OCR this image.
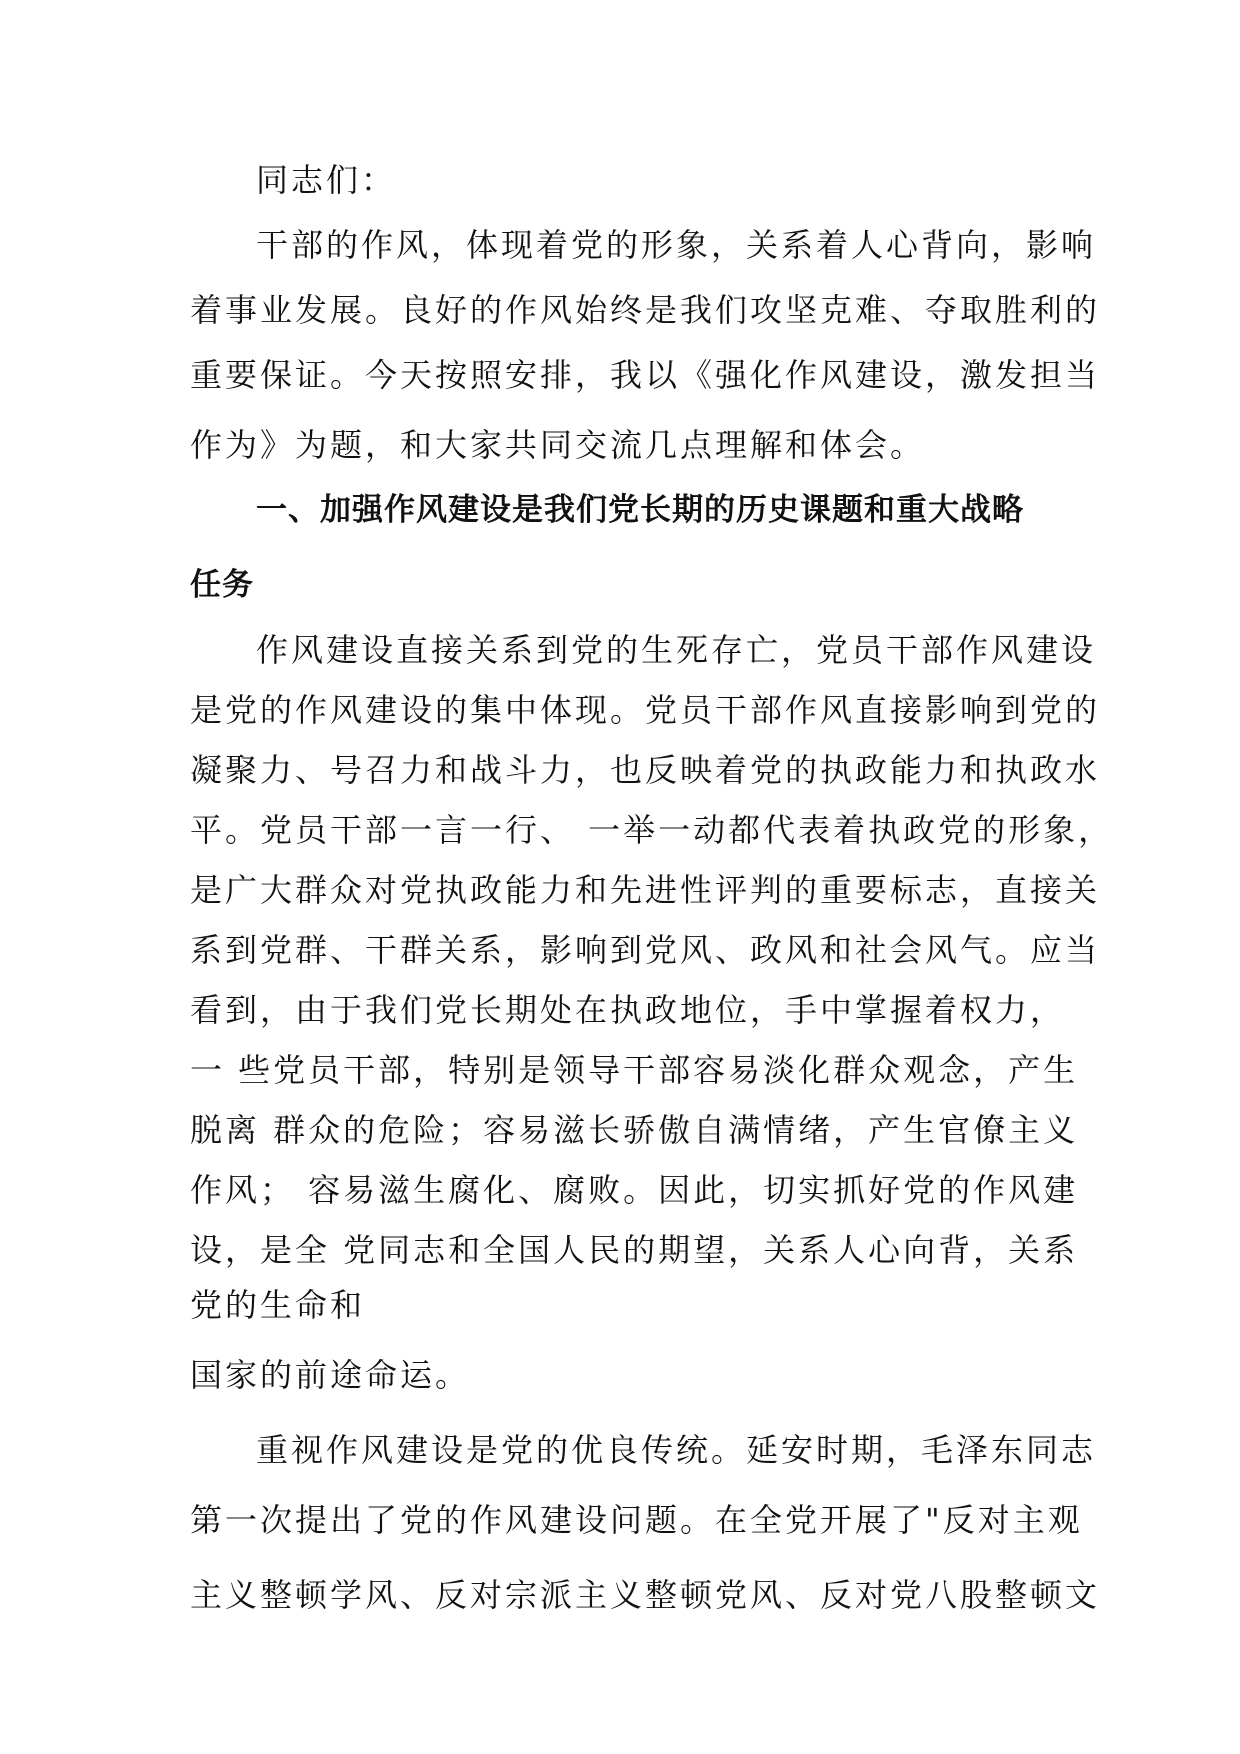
同志们：

干部的作风，体现着党的形象，关系着人心背向，影响

着事业发展。良好的作风始终是我们攻坚克难、夺取胜利的

重要保证。今天按照安排，我以《强化作风建设，激发担当

作为》为题，和大家共同交流几点理解和体会。

一、加强作风建设是我们党长期的历史课题和重大战略

任务

作风建设直接关系到党的生死存亡，党员干部作风建设

是党的作风建设的集中体现。党员干部作风直接影响到党的

凝聚力、号召力和战斗力，也反映着党的执政能力和执政水

平。党员干部一言一行、 一举一动都代表着执政党的形象，

是广大群众对党执政能力和先进性评判的重要标志，直接关

系到党群、干群关系，影响到党风、政风和社会风气。应当

看到，由于我们党长期处在执政地位，手中掌握着权力，

一 些党员干部，特别是领导干部容易淡化群众观念，产生

脱离 群众的危险；容易滋长骄傲自满情绪，产生官僚主义

作风； 容易滋生腐化、腐败。因此，切实抓好党的作风建

设，是全 党同志和全国人民的期望，关系人心向背，关系

党的生命和

国家的前途命运。

重视作风建设是党的优良传统。延安时期，毛泽东同志

第一次提出了党的作风建设问题。在全党开展了"反对主观

主义整顿学风、反对宗派主义整顿党风、反对党八股整顿文
